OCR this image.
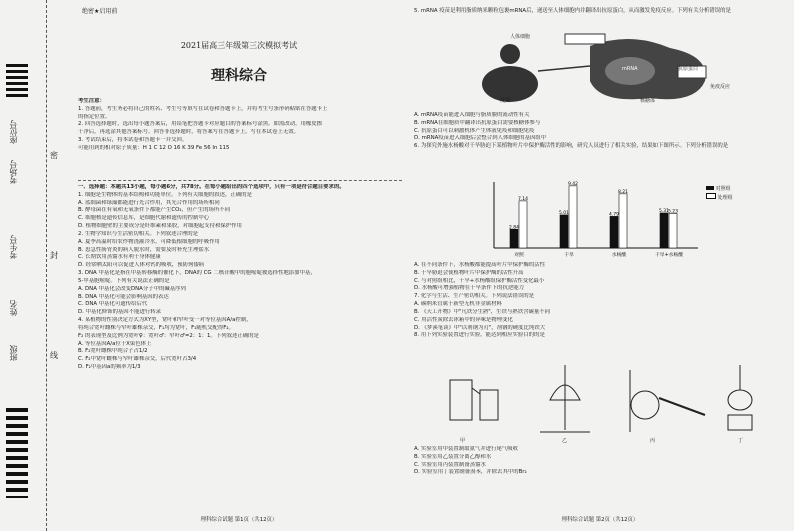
座位号
考场号
考生号
姓名
班级
密
封
线
绝密★启用前
2021届高三年级第三次模拟考试
理科综合

考生注意：

1. 答题前，考生务必将自己的姓名、考生号等填写在试卷和答题卡上，并将考生号条形码粘贴在答题卡上

的指定位置。

2. 回答选择题时，选出每小题答案后，用铅笔把答题卡对应题目的答案标号涂黑。如需改动，用橡皮擦

干净后，再选涂其他答案标号。回答非选择题时，将答案写在答题卡上。写在本试卷上无效。

3. 考试结束后，将本试卷和答题卡一并交回。

可能用到的相对原子质量：H 1 C 12 O 16 K 39 Fe 56 In 115

一、选择题：本题共13小题，每小题6分，共78分。在每小题给出的四个选项中，只有一项是符合题目要求的。

1. 细胞是生物体的基本结构和功能单位。下列有关细胞的叙述，正确的是

A. 蓝细菌和绿藻都能进行光合作用，其光合作用的场所相同

B. 酵母菌在有氧和无氧条件下都能产生CO₂，但产生的场所不同

C. 细胞核是遗传信息库，是细胞代谢和遗传的控制中心

D. 植物细胞壁的主要成分是纤维素和果胶，对细胞起支持和保护作用

2. 生物学知识与生活密切相关。下列叙述合理的是

A. 夏季高温时给农作物浇灌冷水，可降低根细胞的呼吸作用

B. 患急性肠胃炎的病人脱水时，需要及时补充生理盐水

C. 长期饮用蒸馏水有利于身体健康

D. 经常晒太阳可以促进人体对钙的吸收，预防佝偻病

3. DNA 甲基化是指在甲基转移酶的催化下，DNA的 CG 二核苷酸中的胞嘧啶被选择性地添加甲基，

5-甲基胞嘧啶。下列有关说法正确的是

A. DNA 甲基化会改变DNA分子中的碱基序列

B. DNA 甲基化可能会影响基因的表达

C. DNA 甲基化可遗传给后代

D. 甲基化修饰的基因不能进行转录

4. 某植物的性别决定方式为XY型，宽叶和窄叶受一对等位基因A/a控制，

将纯合宽叶雌株与窄叶雄株杂交，F₁均为宽叶，F₁随机交配得F₂。

F₂ 的表现型及比例为宽叶♀：宽叶♂：窄叶♂=2：1：1。下列叙述正确的是

A. 等位基因A/a位于X染色体上

B. F₂宽叶雌株中纯合子占1/2

C. F₂中宽叶雌株与窄叶雄株杂交，后代宽叶占3/4

D. F₂中基因a的频率为1/3

理科综合试题 第1页（共12页）
5. mRNA 疫苗是利用脂质纳米颗粒包裹mRNA后，递送至人体细胞内并翻译出抗原蛋白，从而激发免疫反应。下列有关分析错误的是
人体细胞
抗原蛋白
mRNA
疫苗	核糖体
免疫反应

A. mRNA疫苗能进入细胞与脂质膜的流动性有关

B. mRNA在细胞质中翻译出抗原蛋白需要核糖体参与

C. 抗原蛋白可以刺激机体产生体液免疫和细胞免疫

D. mRNA疫苗进入细胞后会整合到人体细胞的基因组中

6. 为探究外施水杨酸对干旱胁迫下某植物叶片中保护酶活性的影响，研究人员进行了相关实验，结果如下图所示。下列分析错误的是

2.84
7.14
对照
5.01
9.42
干旱
4.79
8.21
水杨酸
5.31
5.23
干旱+水杨酸
对照组
处理组

A. 在不同条件下，水杨酸都能提高叶片中保护酶的活性

B. 干旱胁迫会使植物叶片中保护酶的活性升高

C. 与对照组相比，干旱+水杨酸组保护酶活性变化最小

D. 水杨酸可增强植物在干旱条件下的抗逆能力

7. 化学与生活、生产密切相关。下列说法错误的是

A. 碳纳米管属于新型无机非金属材料

B. 《天工开物》中"凡铁分生熟"，生铁与熟铁含碳量不同

C. 用活性炭除去冰箱中的异味是物理变化

D. 《梦溪笔谈》中"以剂钢为刃"，剂钢的硬度比纯铁大

8. 用下列实验装置进行实验，能达到相应实验目的的是

甲	乙	丙	丁

A. 实验室用甲装置制取氨气并进行尾气吸收

B. 实验室用乙装置分离乙醇和水

C. 实验室用丙装置制备蒸馏水

D. 实验室用丁装置制备溴苯，并除去其中的Br₂

理科综合试题 第2页（共12页）
